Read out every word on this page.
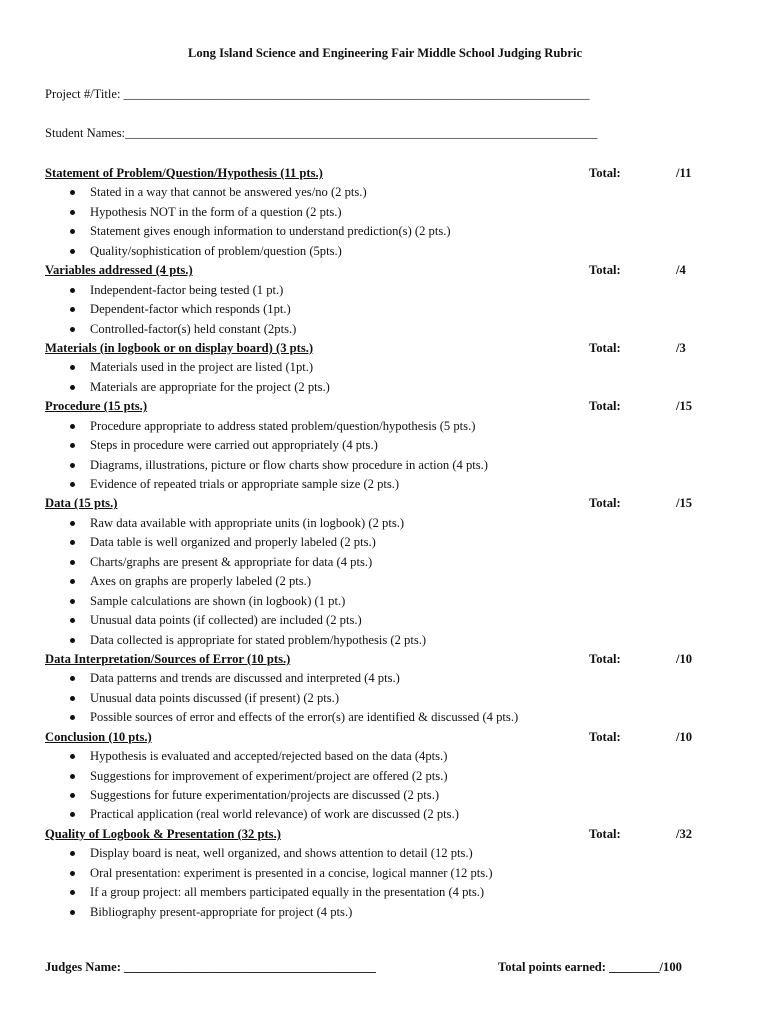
Long Island Science and Engineering Fair Middle School Judging Rubric
Project #/Title: __________________________________________________________________________
Student Names:___________________________________________________________________________
Statement of Problem/Question/Hypothesis (11 pts.)	Total:	/11
Stated in a way that cannot be answered yes/no (2 pts.)
Hypothesis NOT in the form of a question (2 pts.)
Statement gives enough information to understand prediction(s) (2 pts.)
Quality/sophistication of problem/question (5pts.)
Variables addressed (4 pts.)	Total:	/4
Independent-factor being tested (1 pt.)
Dependent-factor which responds (1pt.)
Controlled-factor(s) held constant (2pts.)
Materials (in logbook or on display board) (3 pts.)	Total:	/3
Materials used in the project are listed (1pt.)
Materials are appropriate for the project (2 pts.)
Procedure (15 pts.)	Total:	/15
Procedure appropriate to address stated problem/question/hypothesis (5 pts.)
Steps in procedure were carried out appropriately (4 pts.)
Diagrams, illustrations, picture or flow charts show procedure in action (4 pts.)
Evidence of repeated trials or appropriate sample size (2 pts.)
Data (15 pts.)	Total:	/15
Raw data available with appropriate units (in logbook) (2 pts.)
Data table is well organized and properly labeled (2 pts.)
Charts/graphs are present & appropriate for data (4 pts.)
Axes on graphs are properly labeled (2 pts.)
Sample calculations are shown (in logbook) (1 pt.)
Unusual data points (if collected) are included (2 pts.)
Data collected is appropriate for stated problem/hypothesis (2 pts.)
Data Interpretation/Sources of Error (10 pts.)	Total:	/10
Data patterns and trends are discussed and interpreted (4 pts.)
Unusual data points discussed (if present) (2 pts.)
Possible sources of error and effects of the error(s) are identified & discussed (4 pts.)
Conclusion (10 pts.)	Total:	/10
Hypothesis is evaluated and accepted/rejected based on the data (4pts.)
Suggestions for improvement of experiment/project are offered (2 pts.)
Suggestions for future experimentation/projects are discussed (2 pts.)
Practical application (real world relevance) of work are discussed (2 pts.)
Quality of Logbook & Presentation (32 pts.)	Total:	/32
Display board is neat, well organized, and shows attention to detail (12 pts.)
Oral presentation: experiment is presented in a concise, logical manner (12 pts.)
If a group project: all members participated equally in the presentation (4 pts.)
Bibliography present-appropriate for project (4 pts.)
Judges Name: ________________________________________	Total points earned: ________/100
